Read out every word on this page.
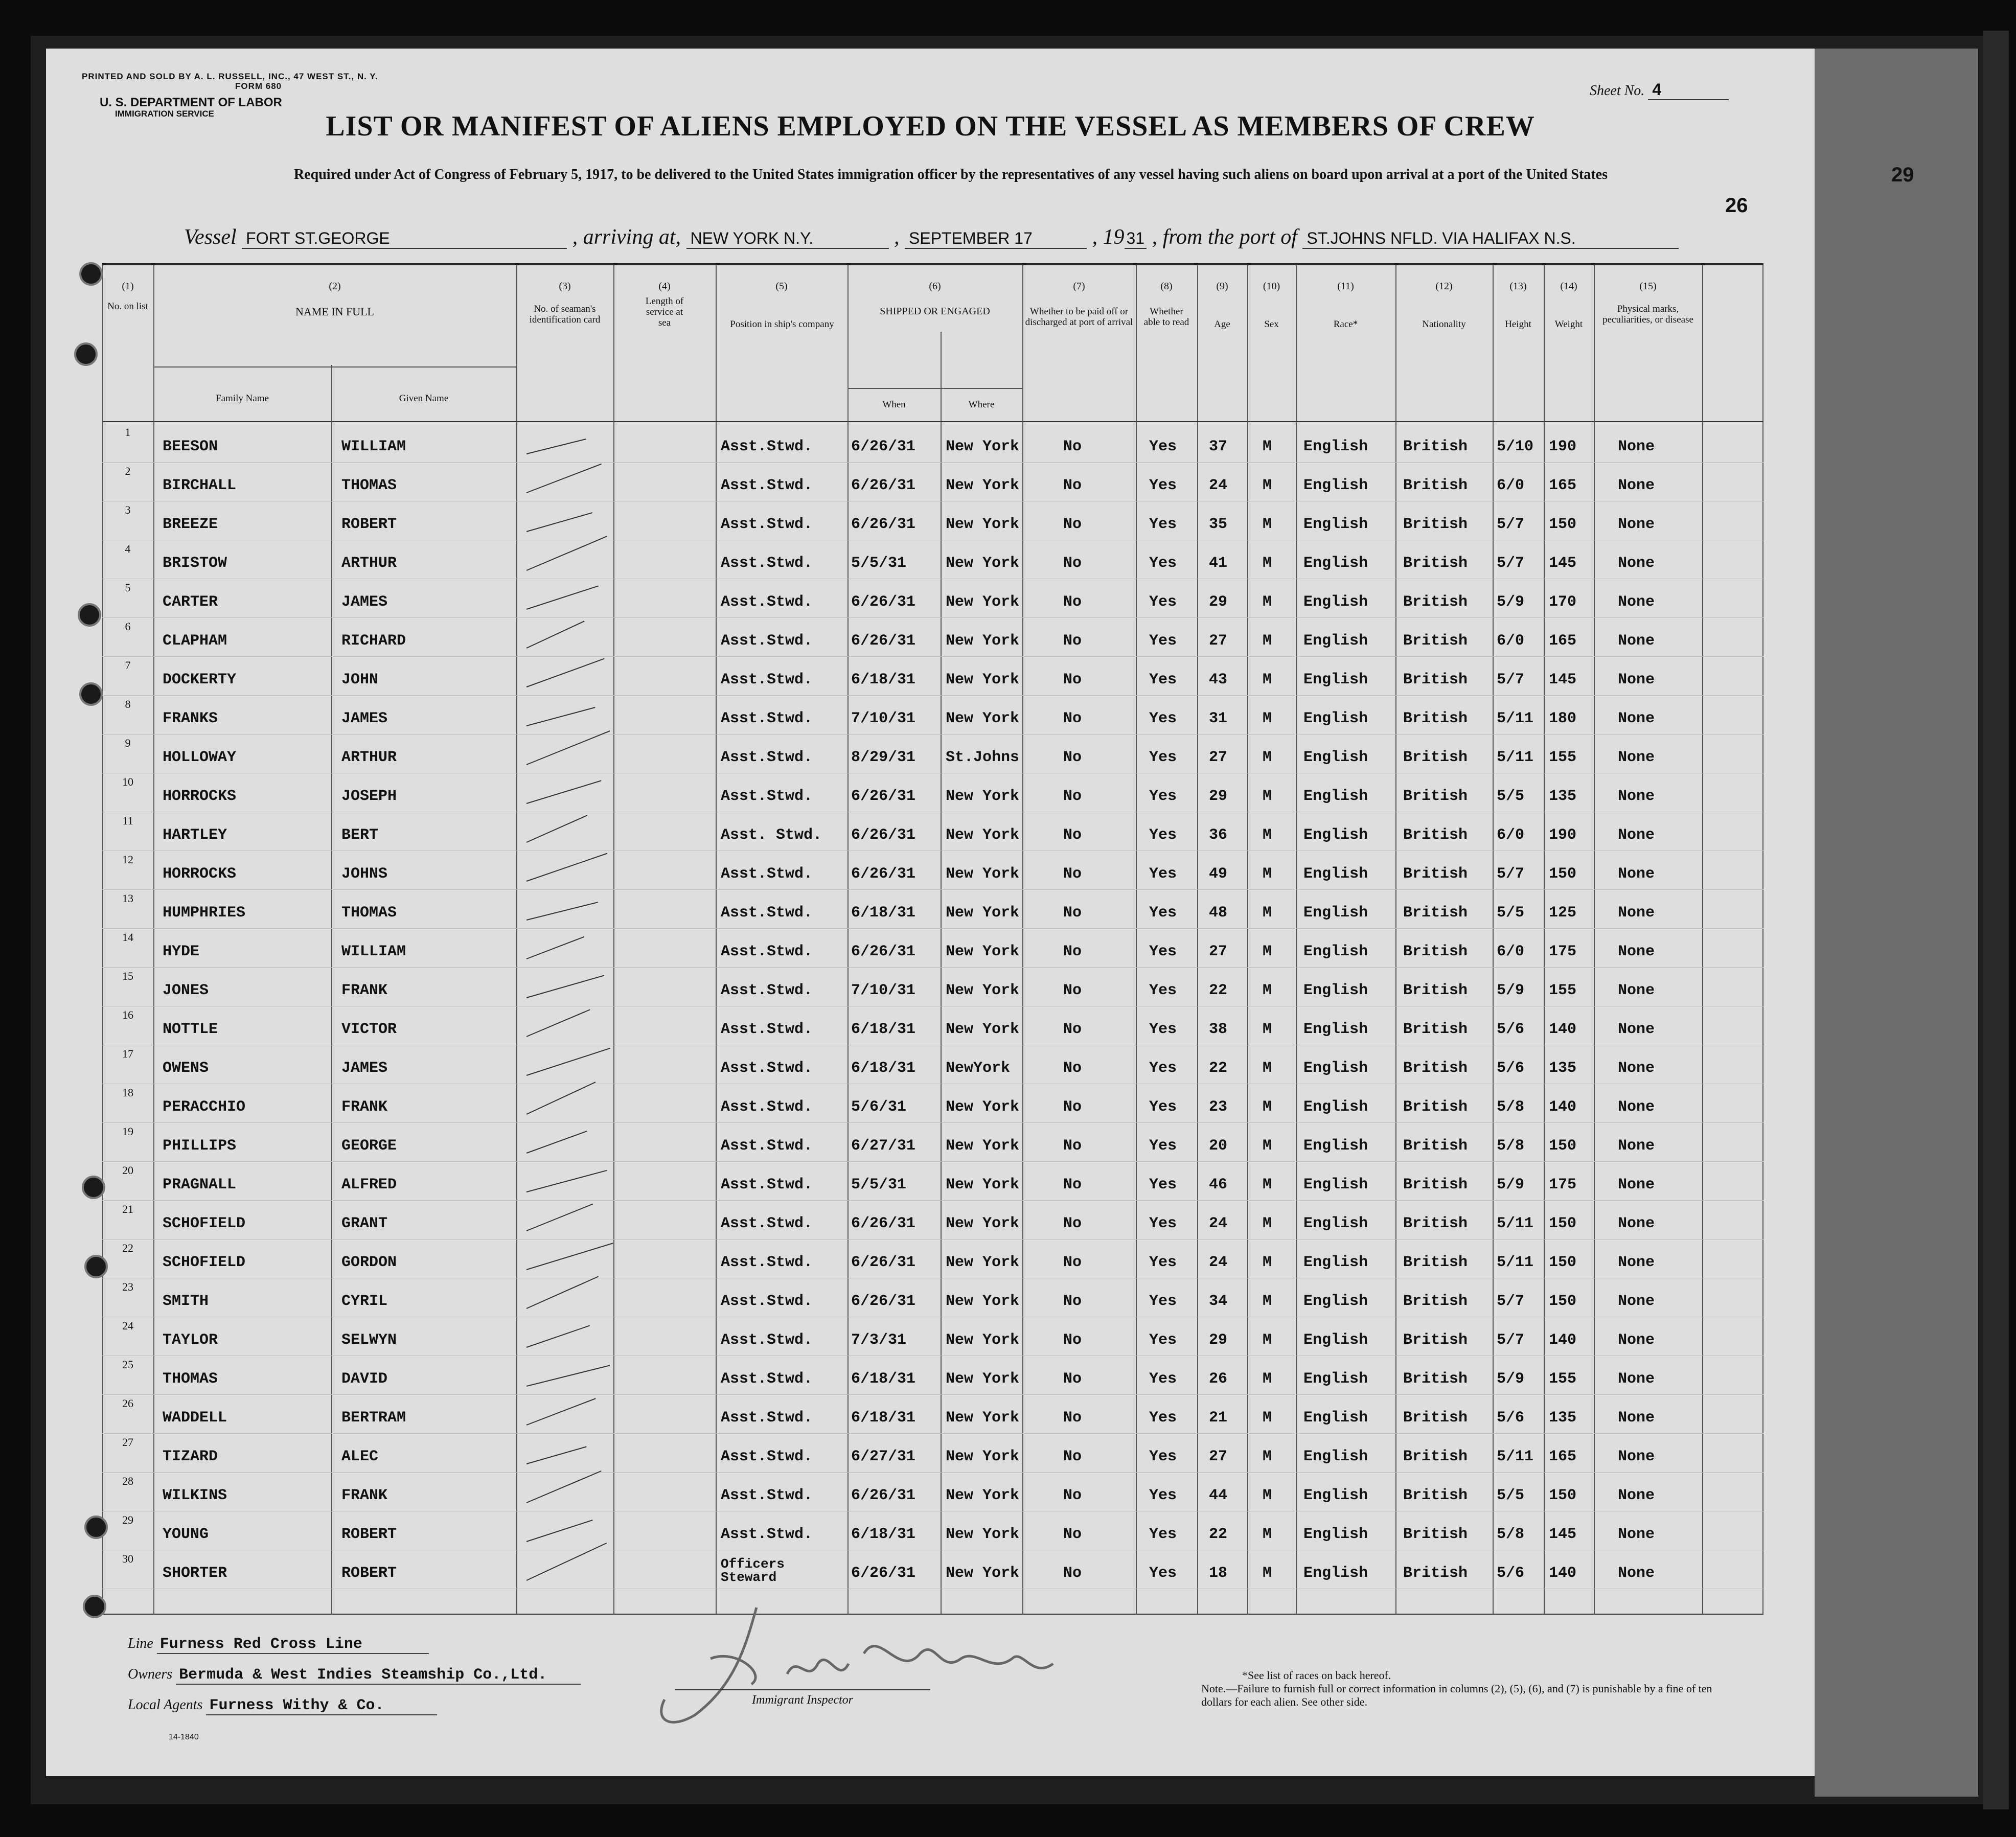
PRINTED AND SOLD BY A. L. RUSSELL, INC., 47 WEST ST., N. Y.
FORM 680
U. S. DEPARTMENT OF LABOR
IMMIGRATION SERVICE
Sheet No. 4
LIST OR MANIFEST OF ALIENS EMPLOYED ON THE VESSEL AS MEMBERS OF CREW
Required under Act of Congress of February 5, 1917, to be delivered to the United States immigration officer by the representatives of any vessel having such aliens on board upon arrival at a port of the United States	29
26
Vessel FORT ST.GEORGE	, arriving at, NEW YORK N.Y.	, SEPTEMBER 17	, 19 31 , from the port of ST.JOHNS NFLD. VIA HALIFAX N.S.
(1)
No. on list
(2)
NAME IN FULL
Family Name	Given Name
(3)
No. of seaman's identification card
(4)
Length of service at sea
(5)
Position in ship's company
(6)
SHIPPED OR ENGAGED
When	Where
(7)
Whether to be paid off or discharged at port of arrival
(8)
Whether able to read
(9)
Age
(10)
Sex
(11)
Race*
(12)
Nationality
(13)
Height
(14)
Weight
(15)
Physical marks, peculiarities, or disease
1
BEESON	WILLIAM	Asst.Stwd. 6/26/31 New York	No	Yes 37 M English British 5/10 190	None
2
BIRCHALL	THOMAS	Asst.Stwd. 6/26/31 New York	No	Yes 24 M English British 6/0 165	None
3
BREEZE	ROBERT	Asst.Stwd. 6/26/31 New York	No	Yes 35 M English British 5/7 150	None
4
BRISTOW	ARTHUR	Asst.Stwd. 5/5/31	New York	No	Yes 41 M English British 5/7 145	None
5
CARTER	JAMES	Asst.Stwd. 6/26/31 New York	No	Yes 29 M English British 5/9 170	None
6
CLAPHAM	RICHARD	Asst.Stwd. 6/26/31 New York	No	Yes 27 M English British 6/0 165	None
7
DOCKERTY	JOHN	Asst.Stwd. 6/18/31 New York	No	Yes 43 M English British 5/7 145	None
8
FRANKS	JAMES	Asst.Stwd. 7/10/31 New York	No	Yes 31 M English British 5/11 180	None
9
HOLLOWAY	ARTHUR	Asst.Stwd. 8/29/31 St.Johns	No	Yes 27 M English British 5/11 155	None
10
HORROCKS	JOSEPH	Asst.Stwd. 6/26/31 New York	No	Yes 29 M English British 5/5 135	None
11
HARTLEY	BERT	Asst. Stwd. 6/26/31 New York	No	Yes 36 M English British 6/0 190	None
12
HORROCKS	JOHNS	Asst.Stwd. 6/26/31 New York	No	Yes 49 M English British 5/7 150	None
13
HUMPHRIES	THOMAS	Asst.Stwd. 6/18/31 New York	No	Yes 48 M English British 5/5 125	None
14
HYDE	WILLIAM	Asst.Stwd. 6/26/31 New York	No	Yes 27 M English British 6/0 175	None
15
JONES	FRANK	Asst.Stwd. 7/10/31 New York	No	Yes 22 M English British 5/9 155	None
16
NOTTLE	VICTOR	Asst.Stwd. 6/18/31 New York	No	Yes 38 M English British 5/6 140	None
17
OWENS	JAMES	Asst.Stwd. 6/18/31 NewYork	No	Yes 22 M English British 5/6 135	None
18
PERACCHIO	FRANK	Asst.Stwd. 5/6/31	New York	No	Yes 23 M English British 5/8 140	None
19
PHILLIPS	GEORGE	Asst.Stwd. 6/27/31 New York	No	Yes 20 M English British 5/8 150	None
20
PRAGNALL	ALFRED	Asst.Stwd. 5/5/31	New York	No	Yes 46 M English British 5/9 175	None
21
SCHOFIELD	GRANT	Asst.Stwd. 6/26/31 New York	No	Yes 24 M English British 5/11 150	None
22
SCHOFIELD	GORDON	Asst.Stwd. 6/26/31 New York	No	Yes 24 M English British 5/11 150	None
23
SMITH	CYRIL	Asst.Stwd. 6/26/31 New York	No	Yes 34 M English British 5/7 150	None
24
TAYLOR	SELWYN	Asst.Stwd. 7/3/31	New York	No	Yes 29 M English British 5/7 140	None
25
THOMAS	DAVID	Asst.Stwd. 6/18/31 New York	No	Yes 26 M English British 5/9 155	None
26
WADDELL	BERTRAM	Asst.Stwd. 6/18/31 New York	No	Yes 21 M English British 5/6 135	None
27
TIZARD	ALEC	Asst.Stwd. 6/27/31 New York	No	Yes 27 M English British 5/11 165	None
28
WILKINS	FRANK	Asst.Stwd. 6/26/31 New York	No	Yes 44 M English British 5/5 150	None
29
YOUNG	ROBERT	Asst.Stwd. 6/18/31 New York	No	Yes 22 M English British 5/8 145	None
30
SHORTER	ROBERT
Officers Steward	6/26/31 New York	No	Yes 18 M English British 5/6 140	None
Line Furness Red Cross Line
Owners Bermuda & West Indies Steamship Co.,Ltd.
Local Agents Furness Withy & Co.
14-1840
Immigrant Inspector
*See list of races on back hereof.
Note.—Failure to furnish full or correct information in columns (2), (5), (6), and (7) is punishable by a fine of ten dollars for each alien. See other side.
